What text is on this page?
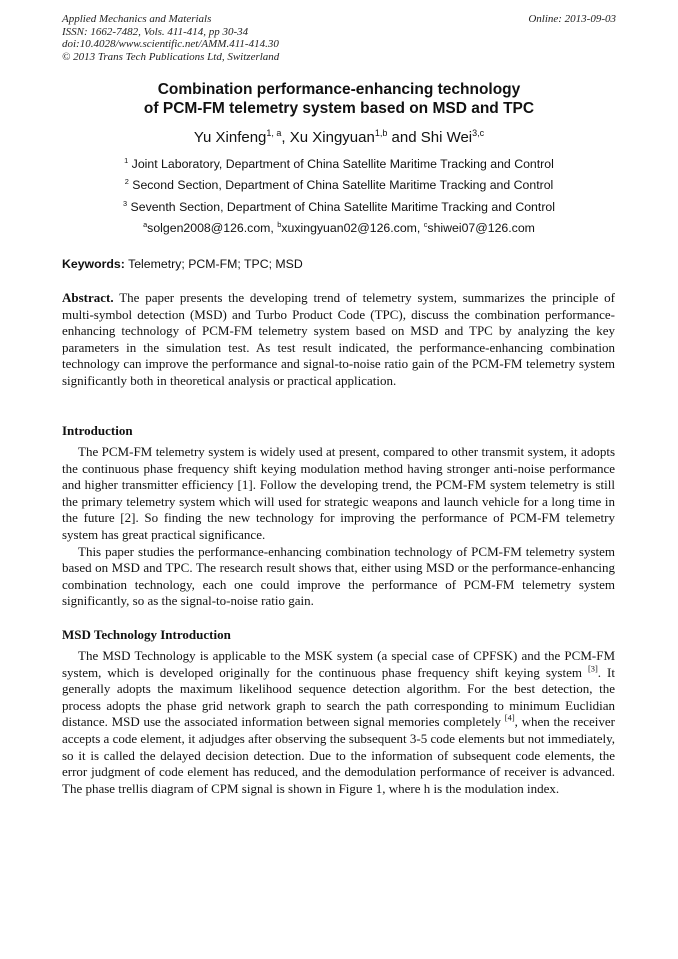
Applied Mechanics and Materials
ISSN: 1662-7482, Vols. 411-414, pp 30-34
doi:10.4028/www.scientific.net/AMM.411-414.30
© 2013 Trans Tech Publications Ltd, Switzerland
Online: 2013-09-03
Combination performance-enhancing technology
of PCM-FM telemetry system based on MSD and TPC
Yu Xinfeng$^{1, a}$, Xu Xingyuan$^{1,b}$ and Shi Wei$^{3,c}$
$^1$ Joint Laboratory, Department of China Satellite Maritime Tracking and Control
$^2$ Second Section, Department of China Satellite Maritime Tracking and Control
$^3$ Seventh Section, Department of China Satellite Maritime Tracking and Control
$^a$solgen2008@126.com, $^b$xuxingyuan02@126.com, $^c$shiwei07@126.com
Keywords: Telemetry; PCM-FM; TPC; MSD

Abstract. The paper presents the developing trend of telemetry system, summarizes the principle of multi-symbol detection (MSD) and Turbo Product Code (TPC), discuss the combination performance-enhancing technology of PCM-FM telemetry system based on MSD and TPC by analyzing the key parameters in the simulation test. As test result indicated, the performance-enhancing combination technology can improve the performance and signal-to-noise ratio gain of the PCM-FM telemetry system significantly both in theoretical analysis or practical application.

Introduction

The PCM-FM telemetry system is widely used at present, compared to other transmit system, it adopts the continuous phase frequency shift keying modulation method having stronger anti-noise performance and higher transmitter efficiency [1]. Follow the developing trend, the PCM-FM system telemetry is still the primary telemetry system which will used for strategic weapons and launch vehicle for a long time in the future [2]. So finding the new technology for improving the performance of PCM-FM telemetry system has great practical significance.

This paper studies the performance-enhancing combination technology of PCM-FM telemetry system based on MSD and TPC. The research result shows that, either using MSD or the performance-enhancing combination technology, each one could improve the performance of PCM-FM telemetry system significantly, so as the signal-to-noise ratio gain.

MSD Technology Introduction

The MSD Technology is applicable to the MSK system (a special case of CPFSK) and the PCM-FM system, which is developed originally for the continuous phase frequency shift keying system [3]. It generally adopts the maximum likelihood sequence detection algorithm. For the best detection, the process adopts the phase grid network graph to search the path corresponding to minimum Euclidian distance. MSD use the associated information between signal memories completely [4], when the receiver accepts a code element, it adjudges after observing the subsequent 3-5 code elements but not immediately, so it is called the delayed decision detection. Due to the information of subsequent code elements, the error judgment of code element has reduced, and the demodulation performance of receiver is advanced. The phase trellis diagram of CPM signal is shown in Figure 1, where h is the modulation index.
